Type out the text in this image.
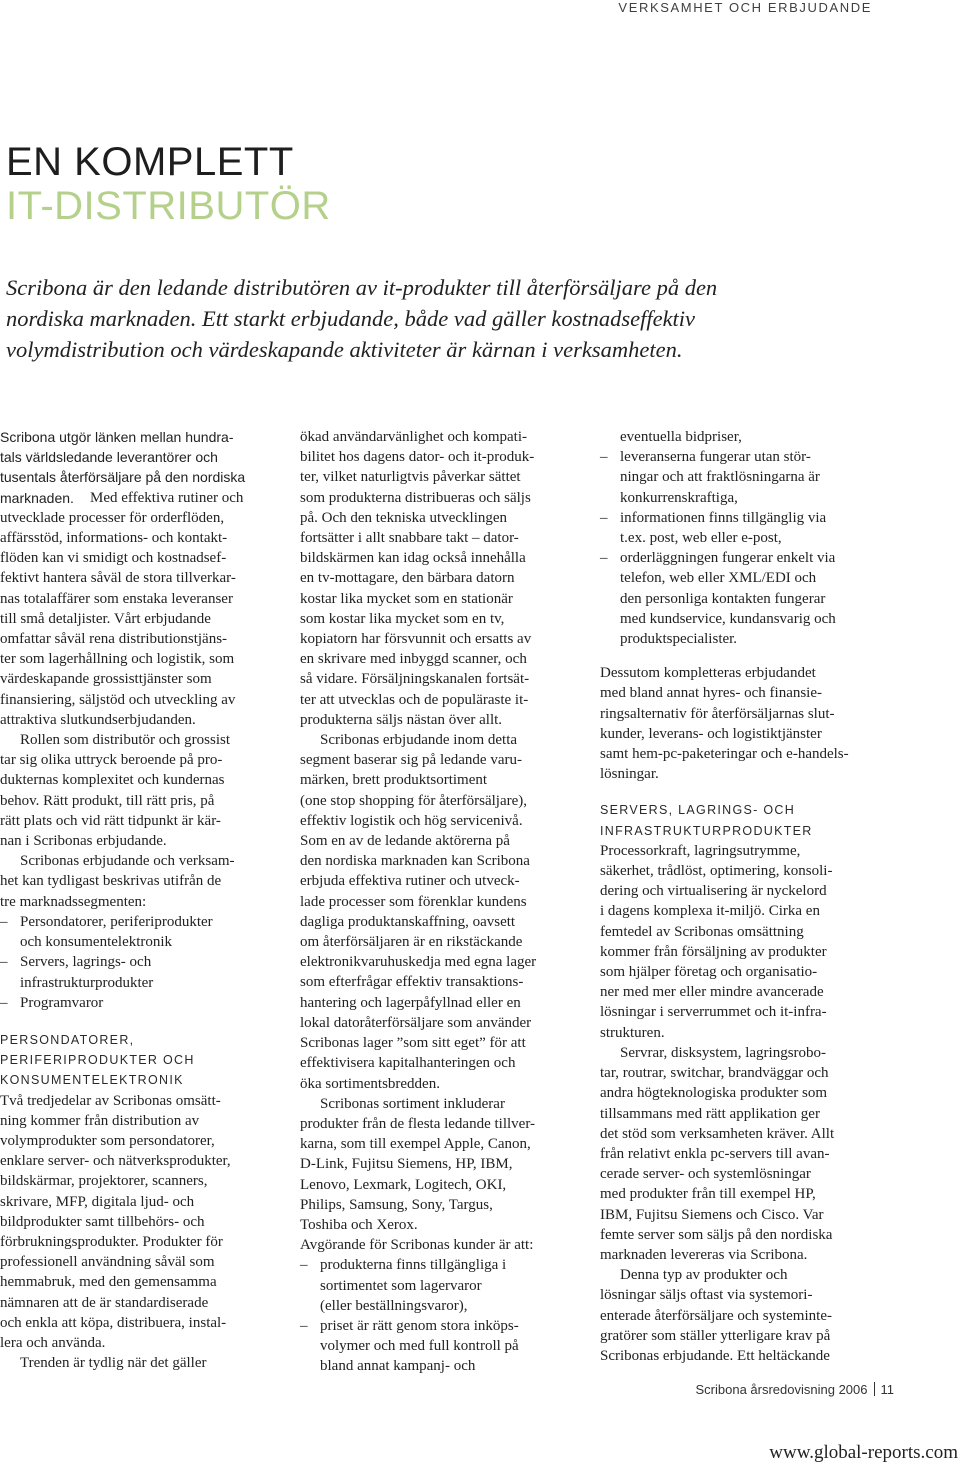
VERKSAMHET OCH ERBJUDANDE
EN KOMPLETT
IT-DISTRIBUTÖR
Scribona är den ledande distributören av it-produkter till återförsäljare på den
nordiska marknaden. Ett starkt erbjudande, både vad gäller kostnadseffektiv
volymdistribution och värdeskapande aktiviteter är kärnan i verksamheten.
Scribona utgör länken mellan hundra-
tals världsledande leverantörer och
tusentals återförsäljare på den nordiska
marknaden.	Med effektiva rutiner och
utvecklade processer för orderflöden,
affärsstöd, informations- och kontakt-
flöden kan vi smidigt och kostnadsef-
fektivt hantera såväl de stora tillverkar-
nas totalaffärer som enstaka leveranser
till små detaljister. Vårt erbjudande
omfattar såväl rena distributionstjäns-
ter som lagerhållning och logistik, som
värdeskapande grossisttjänster som
finansiering, säljstöd och utveckling av
attraktiva slutkundserbjudanden.
Rollen som distributör och grossist
tar sig olika uttryck beroende på pro-
dukternas komplexitet och kundernas
behov. Rätt produkt, till rätt pris, på
rätt plats och vid rätt tidpunkt är kär-
nan i Scribonas erbjudande.
Scribonas erbjudande och verksam-
het kan tydligast beskrivas utifrån de
tre marknadssegmenten:
– Persondatorer, periferiprodukter
och konsumentelektronik
– Servers, lagrings- och
infrastrukturprodukter
– Programvaror
PERSONDATORER,
PERIFERIPRODUKTER OCH
KONSUMENTELEKTRONIK
Två tredjedelar av Scribonas omsätt-
ning kommer från distribution av
volymprodukter som persondatorer,
enklare server- och nätverksprodukter,
bildskärmar, projektorer, scanners,
skrivare, MFP, digitala ljud- och
bildprodukter samt tillbehörs- och
förbrukningsprodukter. Produkter för
professionell användning såväl som
hemmabruk, med den gemensamma
nämnaren att de är standardiserade
och enkla att köpa, distribuera, instal-
lera och använda.
Trenden är tydlig när det gäller
ökad användarvänlighet och kompati-
bilitet hos dagens dator- och it-produk-
ter, vilket naturligtvis påverkar sättet
som produkterna distribueras och säljs
på. Och den tekniska utvecklingen
fortsätter i allt snabbare takt – dator-
bildskärmen kan idag också innehålla
en tv-mottagare, den bärbara datorn
kostar lika mycket som en stationär
som kostar lika mycket som en tv,
kopiatorn har försvunnit och ersatts av
en skrivare med inbyggd scanner, och
så vidare. Försäljningskanalen fortsät-
ter att utvecklas och de populäraste it-
produkterna säljs nästan över allt.
Scribonas erbjudande inom detta
segment baserar sig på ledande varu-
märken, brett produktsortiment
(one stop shopping för återförsäljare),
effektiv logistik och hög servicenivå.
Som en av de ledande aktörerna på
den nordiska marknaden kan Scribona
erbjuda effektiva rutiner och utveck-
lade processer som förenklar kundens
dagliga produktanskaffning, oavsett
om återförsäljaren är en rikstäckande
elektronikvaruhuskedja med egna lager
som efterfrågar effektiv transaktions-
hantering och lagerpåfyllnad eller en
lokal datoråterförsäljare som använder
Scribonas lager ”som sitt eget” för att
effektivisera kapitalhanteringen och
öka sortimentsbredden.
Scribonas sortiment inkluderar
produkter från de flesta ledande tillver-
karna, som till exempel Apple, Canon,
D-Link, Fujitsu Siemens, HP, IBM,
Lenovo, Lexmark, Logitech, OKI,
Philips, Samsung, Sony, Targus,
Toshiba och Xerox.
Avgörande för Scribonas kunder är att:
– produkterna finns tillgängliga i
sortimentet som lagervaror
(eller beställningsvaror),
– priset är rätt genom stora inköps-
volymer och med full kontroll på
bland annat kampanj- och
eventuella bidpriser,
– leveranserna fungerar utan stör-
ningar och att fraktlösningarna är
konkurrenskraftiga,
– informationen finns tillgänglig via
t.ex. post, web eller e-post,
– orderläggningen fungerar enkelt via
telefon, web eller XML/EDI och
den personliga kontakten fungerar
med kundservice, kundansvarig och
produktspecialister.
Dessutom kompletteras erbjudandet
med bland annat hyres- och finansie-
ringsalternativ för återförsäljarnas slut-
kunder, leverans- och logistiktjänster
samt hem-pc-paketeringar och e-handels-
lösningar.
SERVERS, LAGRINGS- OCH
INFRASTRUKTURPRODUKTER
Processorkraft, lagringsutrymme,
säkerhet, trådlöst, optimering, konsoli-
dering och virtualisering är nyckelord
i dagens komplexa it-miljö. Cirka en
femtedel av Scribonas omsättning
kommer från försäljning av produkter
som hjälper företag och organisatio-
ner med mer eller mindre avancerade
lösningar i serverrummet och it-infra-
strukturen.
Servrar, disksystem, lagringsrobo-
tar, routrar, switchar, brandväggar och
andra högteknologiska produkter som
tillsammans med rätt applikation ger
det stöd som verksamheten kräver. Allt
från relativt enkla pc-servers till avan-
cerade server- och systemlösningar
med produkter från till exempel HP,
IBM, Fujitsu Siemens och Cisco. Var
femte server som säljs på den nordiska
marknaden levereras via Scribona.
Denna typ av produkter och
lösningar säljs oftast via systemori-
enterade återförsäljare och systeminte-
gratörer som ställer ytterligare krav på
Scribonas erbjudande. Ett heltäckande
Scribona årsredovisning 2006 11
www.global-reports.com
